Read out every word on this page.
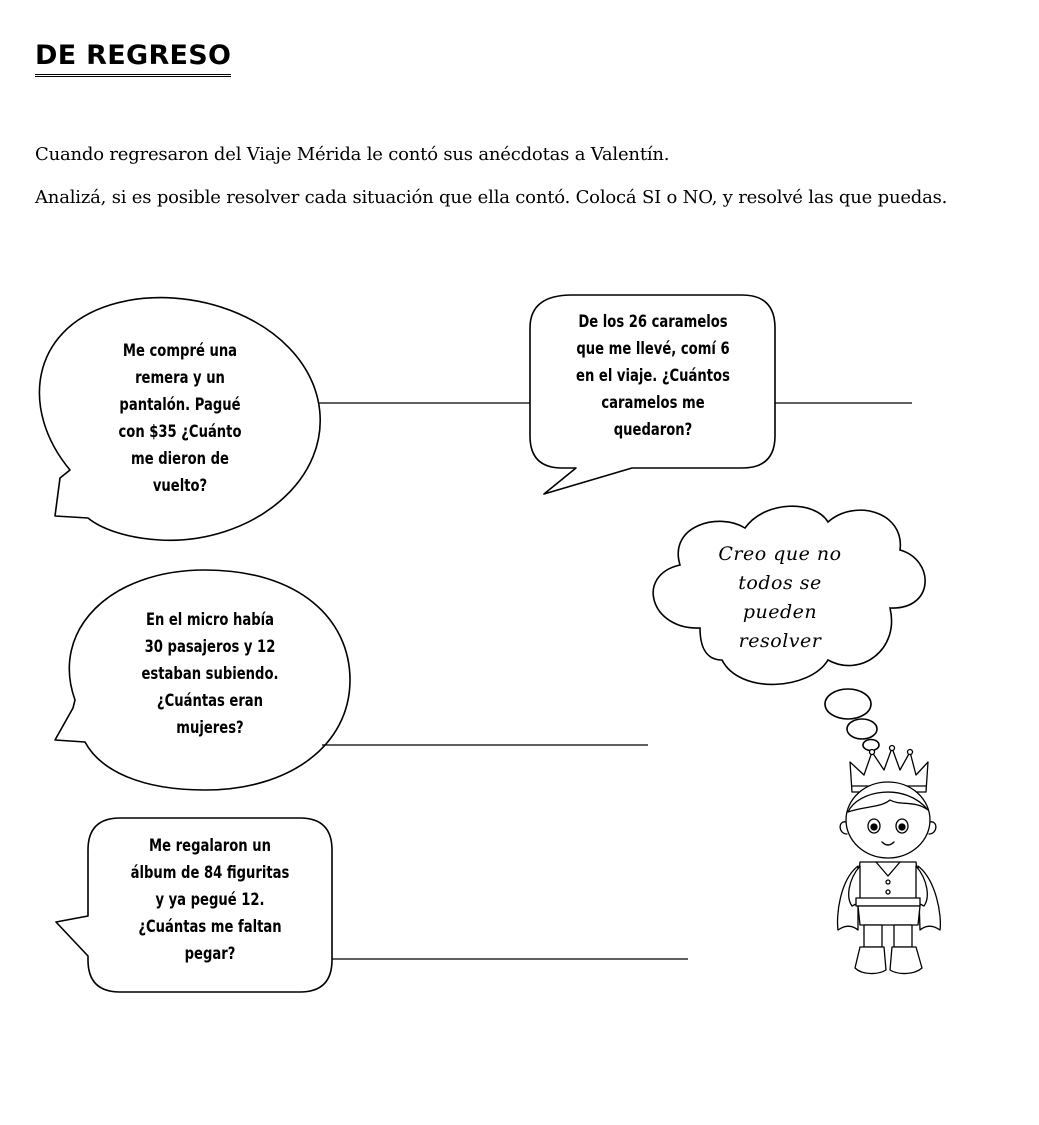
DE REGRESO

Cuando regresaron del Viaje Mérida le contó sus anécdotas a Valentín.

Analizá, si es posible resolver cada situación que ella contó. Colocá SI o NO, y resolvé las que puedas.

Me compré una
remera y un
pantalón. Pagué
con $35 ¿Cuánto
me dieron de
vuelto?
De los 26 caramelos
que me llevé, comí 6
en el viaje. ¿Cuántos
caramelos me
quedaron?
En el micro había
30 pasajeros y 12
estaban subiendo.
¿Cuántas eran
mujeres?
Me regalaron un
álbum de 84 figuritas
y ya pegué 12.
¿Cuántas me faltan
pegar?
Creo que no
todos se
pueden
resolver
